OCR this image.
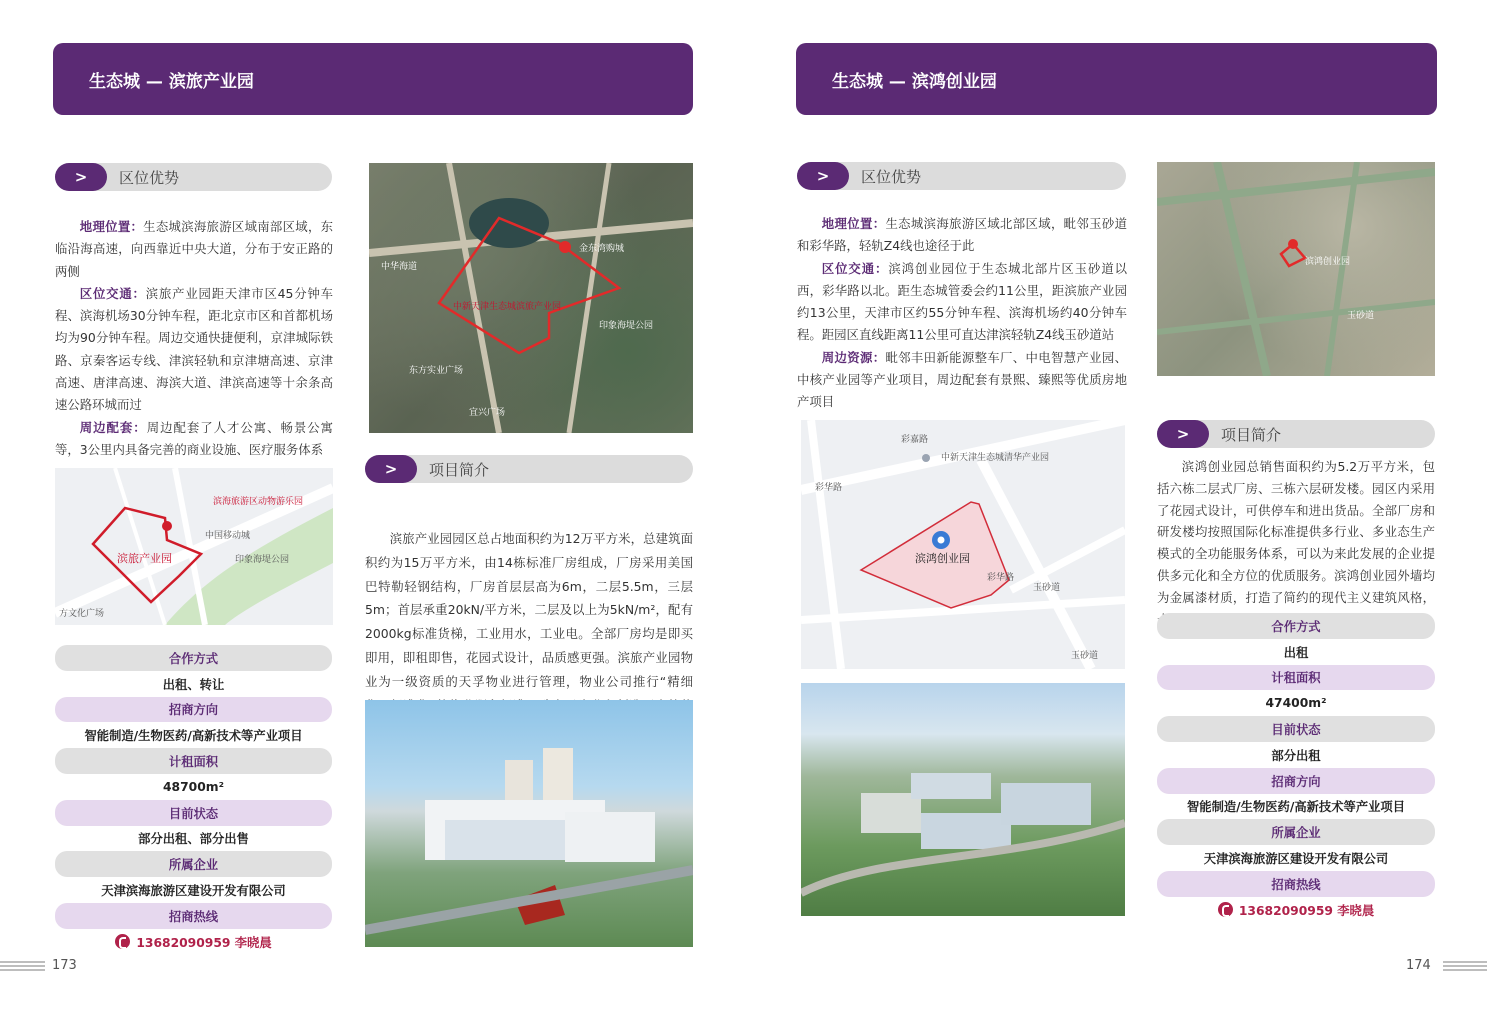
生态城 — 滨旅产业园
>	区位优势

地理位置：生态城滨海旅游区域南部区域，东临沿海高速，向西靠近中央大道，分布于安正路的两侧

区位交通：滨旅产业园距天津市区45分钟车程、滨海机场30分钟车程，距北京市区和首都机场均为90分钟车程。周边交通快捷便利，京津城际铁路、京秦客运专线、津滨轻轨和京津塘高速、京津高速、唐津高速、海滨大道、津滨高速等十余条高速公路环城而过

周边配套：周边配套了人才公寓、畅景公寓等，3公里内具备完善的商业设施、医疗服务体系

滨海旅游区动物游乐园
滨旅产业园
中国移动城
印象海堤公园
方文化广场
合作方式
出租、转让
招商方向
智能制造/生物医药/高新技术等产业项目
计租面积
48700m²
目前状态
部分出租、部分出售
所属企业
天津滨海旅游区建设开发有限公司
招商热线
13682090959 李晓晨
中新天津生态城滨旅产业园
金东湾购城
印象海堤公园
东方实业广场
宜兴广场
中华海道
>	项目简介

滨旅产业园园区总占地面积约为12万平方米，总建筑面积约为15万平方米，由14栋标准厂房组成，厂房采用美国巴特勒轻钢结构，厂房首层层高为6m，二层5.5m，三层5m；首层承重20kN/平方米，二层及以上为5kN/m²，配有2000kg标准货梯，工业用水，工业电。全部厂房均是即买即用，即租即售，花园式设计，品质感更强。滨旅产业园物业为一级资质的天孚物业进行管理，物业公司推行“精细

173
生态城 — 滨鸿创业园
>	区位优势

地理位置：生态城滨海旅游区域北部区域，毗邻玉砂道和彩华路，轻轨Z4线也途径于此

区位交通：滨鸿创业园位于生态城北部片区玉砂道以西，彩华路以北。距生态城管委会约11公里，距滨旅产业园约13公里，天津市区约55分钟车程、滨海机场约40分钟车程。距园区直线距离11公里可直达津滨轻轨Z4线玉砂道站

周边资源：毗邻丰田新能源整车厂、中电智慧产业园、中核产业园等产业项目，周边配套有景熙、臻熙等优质房地产项目

滨鸿创业园
玉砂道
>	项目简介

滨鸿创业园总销售面积约为5.2万平方米，包括六栋二层式厂房、三栋六层研发楼。园区内采用了花园式设计，可供停车和进出货品。全部厂房和研发楼均按照国际化标准提供多行业、多业态生产模式的全功能服务体系，可以为来此发展的企业提供多元化和全方位的优质服务。滨鸿创业园外墙均为金属漆材质，打造了简约的现代主义建筑风格，

中新天津生态城清华产业园
滨鸿创业园
彩嘉路
彩华路
彩华路
玉砂道
玉砂道
合作方式
出租
计租面积
47400m²
目前状态
部分出租
招商方向
智能制造/生物医药/高新技术等产业项目
所属企业
天津滨海旅游区建设开发有限公司
招商热线
13682090959 李晓晨
174
